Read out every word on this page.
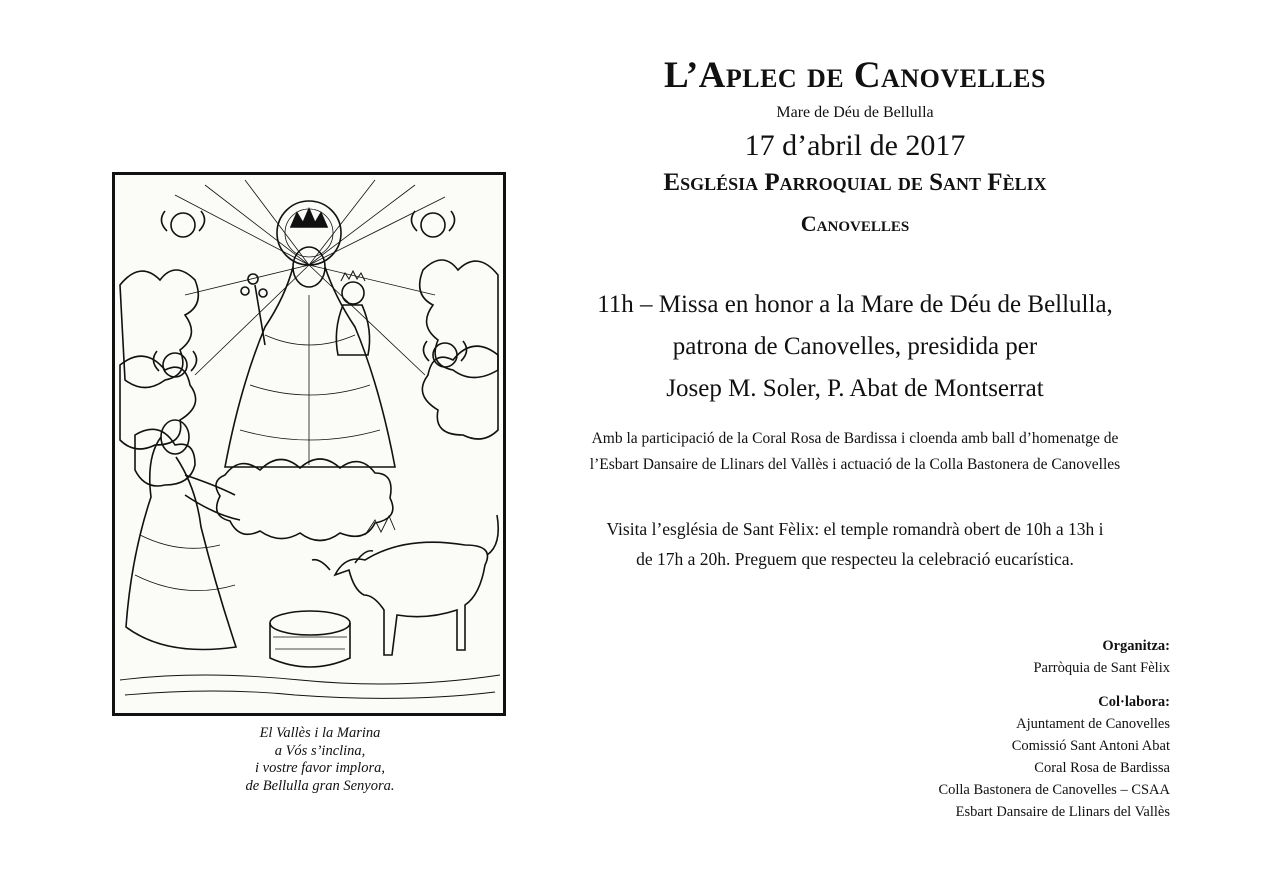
El Vallès i la Marina
a Vós s’inclina,
i vostre favor implora,
de Bellulla gran Senyora.
L’Aplec de Canovelles
Mare de Déu de Bellulla
17 d’abril de 2017
Església Parroquial de Sant Fèlix
Canovelles
11h – Missa en honor a la Mare de Déu de Bellulla,
patrona de Canovelles, presidida per
Josep M. Soler, P. Abat de Montserrat
Amb la participació de la Coral Rosa de Bardissa i cloenda amb ball d’homenatge de
l’Esbart Dansaire de Llinars del Vallès i actuació de la Colla Bastonera de Canovelles
Visita l’església de Sant Fèlix: el temple romandrà obert de 10h a 13h i
de 17h a 20h. Preguem que respecteu la celebració eucarística.
Organitza:
Parròquia de Sant Fèlix
Col·labora:
Ajuntament de Canovelles
Comissió Sant Antoni Abat
Coral Rosa de Bardissa
Colla Bastonera de Canovelles – CSAA
Esbart Dansaire de Llinars del Vallès
